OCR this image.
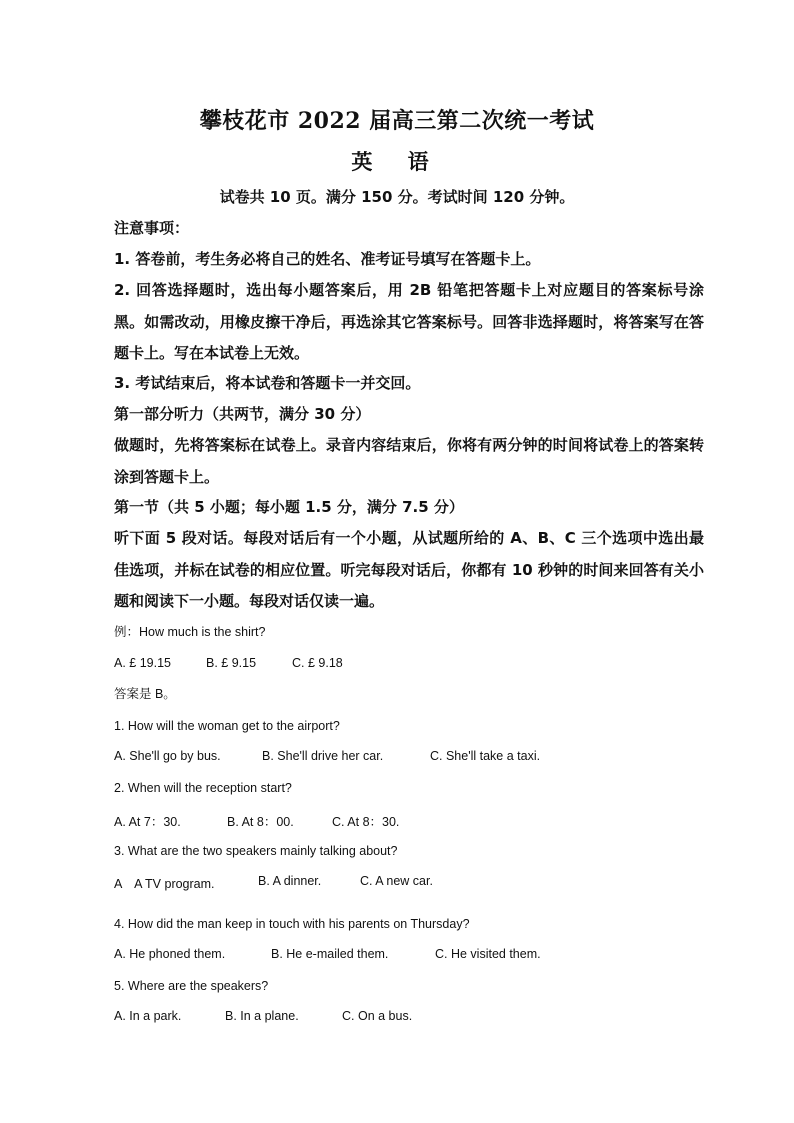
攀枝花市 2022 届高三第二次统一考试
英 语
试卷共 10 页。满分 150 分。考试时间 120 分钟。
注意事项：
1. 答卷前，考生务必将自己的姓名、准考证号填写在答题卡上。
2. 回答选择题时，选出每小题答案后，用 2B 铅笔把答题卡上对应题目的答案标号涂黑。如需改动，用橡皮擦干净后，再选涂其它答案标号。回答非选择题时，将答案写在答题卡上。写在本试卷上无效。
3. 考试结束后，将本试卷和答题卡一并交回。
第一部分听力（共两节，满分 30 分）
做题时，先将答案标在试卷上。录音内容结束后，你将有两分钟的时间将试卷上的答案转涂到答题卡上。
第一节（共 5 小题；每小题 1.5 分，满分 7.5 分）
听下面 5 段对话。每段对话后有一个小题，从试题所给的 A、B、C 三个选项中选出最佳选项，并标在试卷的相应位置。听完每段对话后，你都有 10 秒钟的时间来回答有关小题和阅读下一小题。每段对话仅读一遍。
例：How much is the shirt?
A. £ 19.15	B. £ 9.15	C. £ 9.18
答案是 B。
1. How will the woman get to the airport?
A. She'll go by bus.	B. She'll drive her car.	C. She'll take a taxi.
2. When will the reception start?
A. At 7：30.	B. At 8：00.	C. At 8：30.
3. What are the two speakers mainly talking about?
A　A TV program.	B. A dinner.	C. A new car.
4. How did the man keep in touch with his parents on Thursday?
A. He phoned them.	B. He e-mailed them.	C. He visited them.
5. Where are the speakers?
A. In a park.	B. In a plane.	C. On a bus.
